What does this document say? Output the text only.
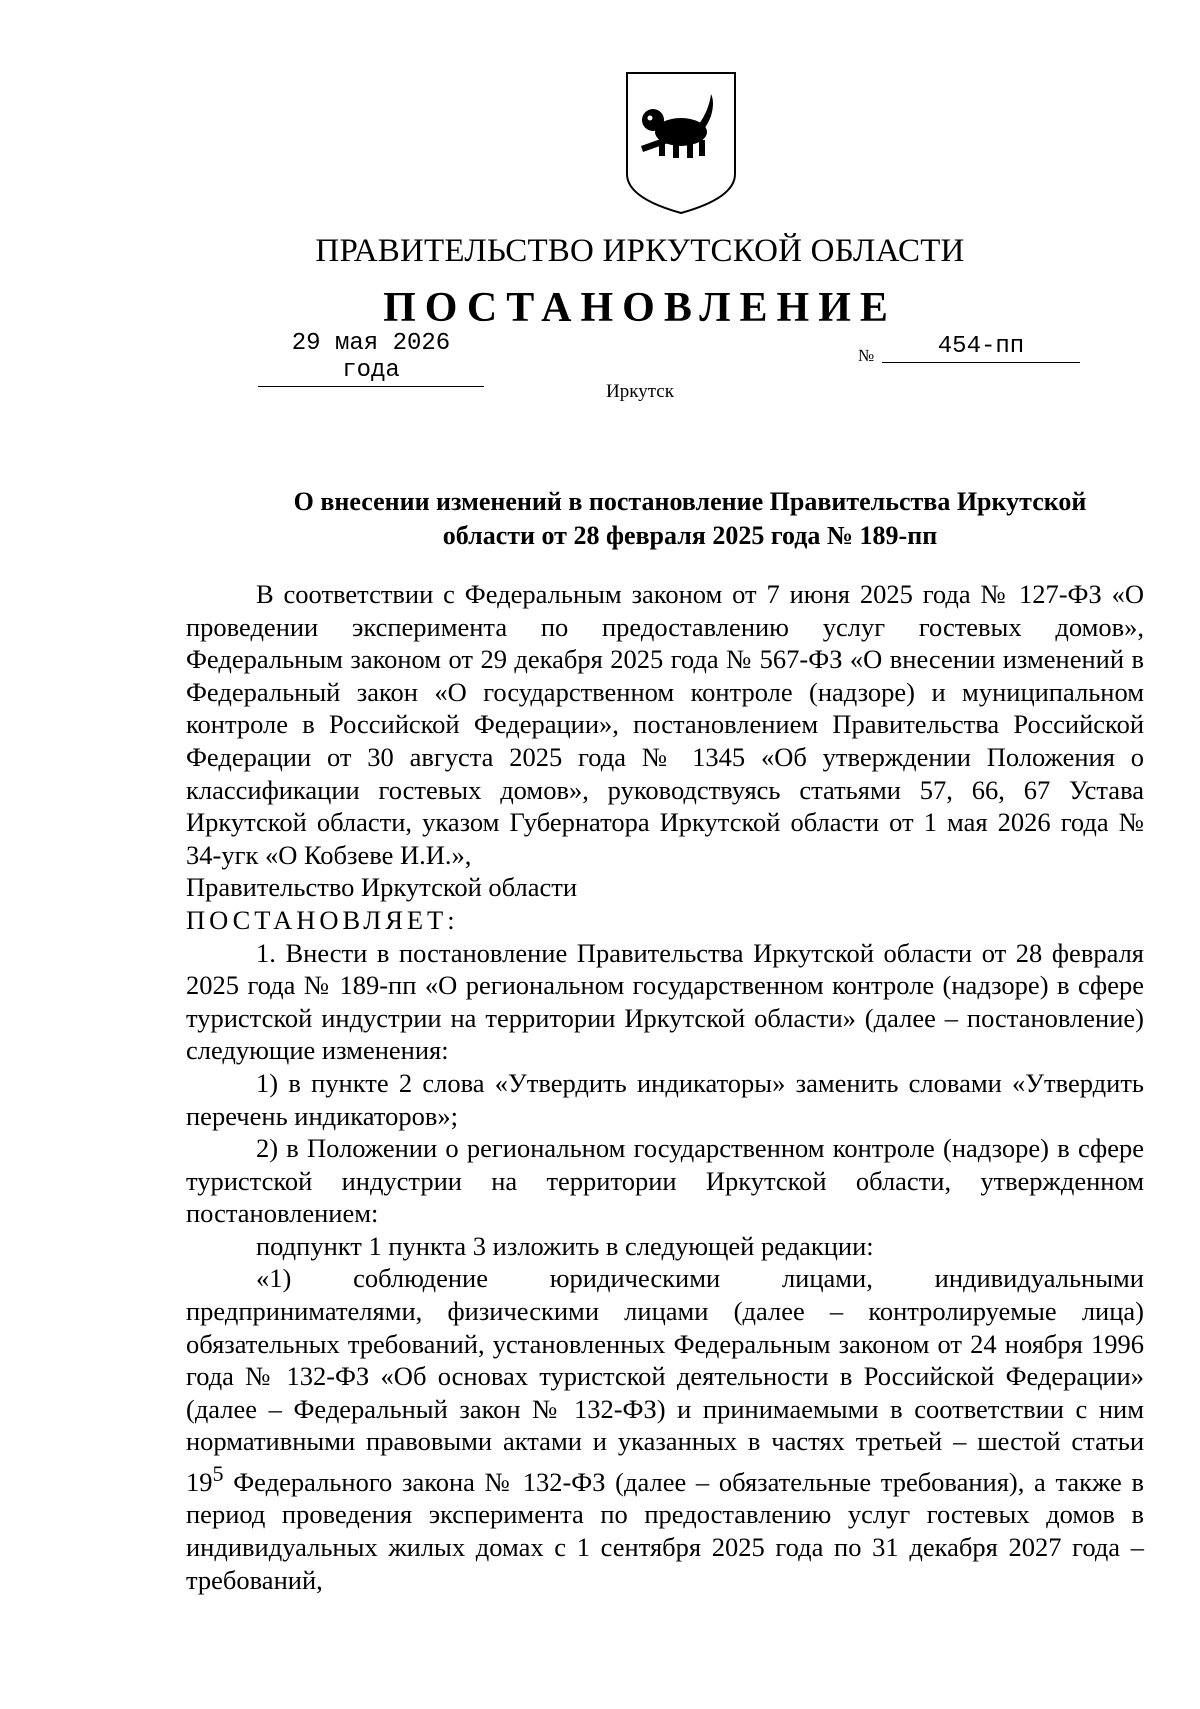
ПРАВИТЕЛЬСТВО ИРКУТСКОЙ ОБЛАСТИ
ПОСТАНОВЛЕНИЕ
29 мая 2026 года
№	454-пп
Иркутск
О внесении изменений в постановление Правительства Иркутской
области от 28 февраля 2025 года № 189-пп

В соответствии с Федеральным законом от 7 июня 2025 года № 127-ФЗ «О проведении эксперимента по предоставлению услуг гостевых домов», Федеральным законом от 29 декабря 2025 года № 567-ФЗ «О внесении изменений в Федеральный закон «О государственном контроле (надзоре) и муниципальном контроле в Российской Федерации», постановлением Правительства Российской Федерации от 30 августа 2025 года № 1345 «Об утверждении Положения о классификации гостевых домов», руководствуясь статьями 57, 66, 67 Устава Иркутской области, указом Губернатора Иркутской области от 1 мая 2026 года № 34-угк «О Кобзеве И.И.»,

Правительство Иркутской области

ПОСТАНОВЛЯЕТ:

1. Внести в постановление Правительства Иркутской области от 28 февраля 2025 года № 189-пп «О региональном государственном контроле (надзоре) в сфере туристской индустрии на территории Иркутской области» (далее – постановление) следующие изменения:

1) в пункте 2 слова «Утвердить индикаторы» заменить словами «Утвердить перечень индикаторов»;

2) в Положении о региональном государственном контроле (надзоре) в сфере туристской индустрии на территории Иркутской области, утвержденном постановлением:

подпункт 1 пункта 3 изложить в следующей редакции:

«1) соблюдение юридическими лицами, индивидуальными предпринимателями, физическими лицами (далее – контролируемые лица) обязательных требований, установленных Федеральным законом от 24 ноября 1996 года № 132-ФЗ «Об основах туристской деятельности в Российской Федерации» (далее – Федеральный закон № 132-ФЗ) и принимаемыми в соответствии с ним нормативными правовыми актами и указанных в частях третьей – шестой статьи $19^5$ Федерального закона № 132-ФЗ (далее – обязательные требования), а также в период проведения эксперимента по предоставлению услуг гостевых домов в индивидуальных жилых домах с 1 сентября 2025 года по 31 декабря 2027 года – требований,
